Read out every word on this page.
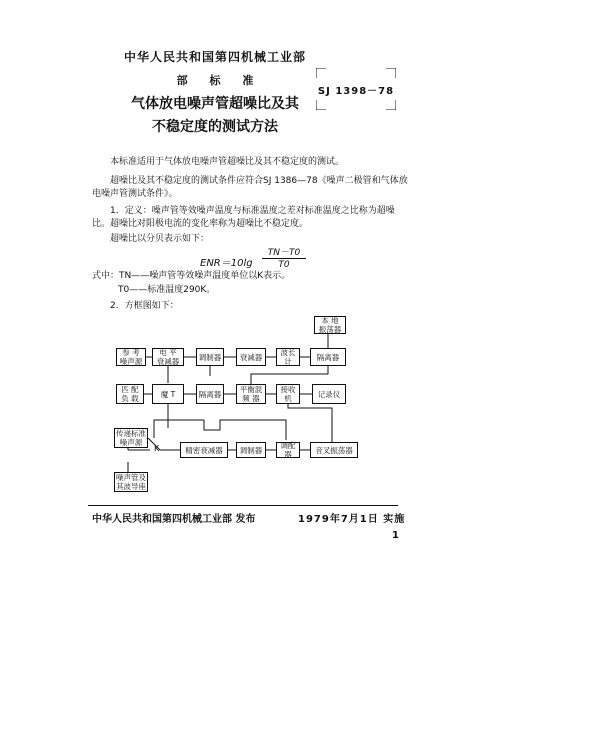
中华人民共和国第四机械工业部
部 标 准
气体放电噪声管超噪比及其
不稳定度的测试方法
SJ 1398－78
本标准适用于气体放电噪声管超噪比及其不稳定度的测试。
超噪比及其不稳定度的测试条件应符合SJ 1386—78《噪声二极管和气体放
电噪声管测试条件》。
1．定义：噪声管等效噪声温度与标准温度之差对标准温度之比称为超噪
比。超噪比对阳极电流的变化率称为超噪比不稳定度。
超噪比以分贝表示如下：
ENR＝10lg
TN－T0
T0
式中：TN——噪声管等效噪声温度单位以K表示。
T0——标准温度290K。
2．方框图如下：
本 地
振荡器
参 考
噪声源
电 平
衰减器	调制器	衰减器	波长计	隔离器
匹 配
负 载	魔 T	隔离器	平衡混
频 器
接收机	记录仪
传递标准
噪声源
K	精密衰减器	调制器	调配器	音叉振荡器
噪声管及
其波导座
中华人民共和国第四机械工业部 发布	1979年7月1日 实施
1
